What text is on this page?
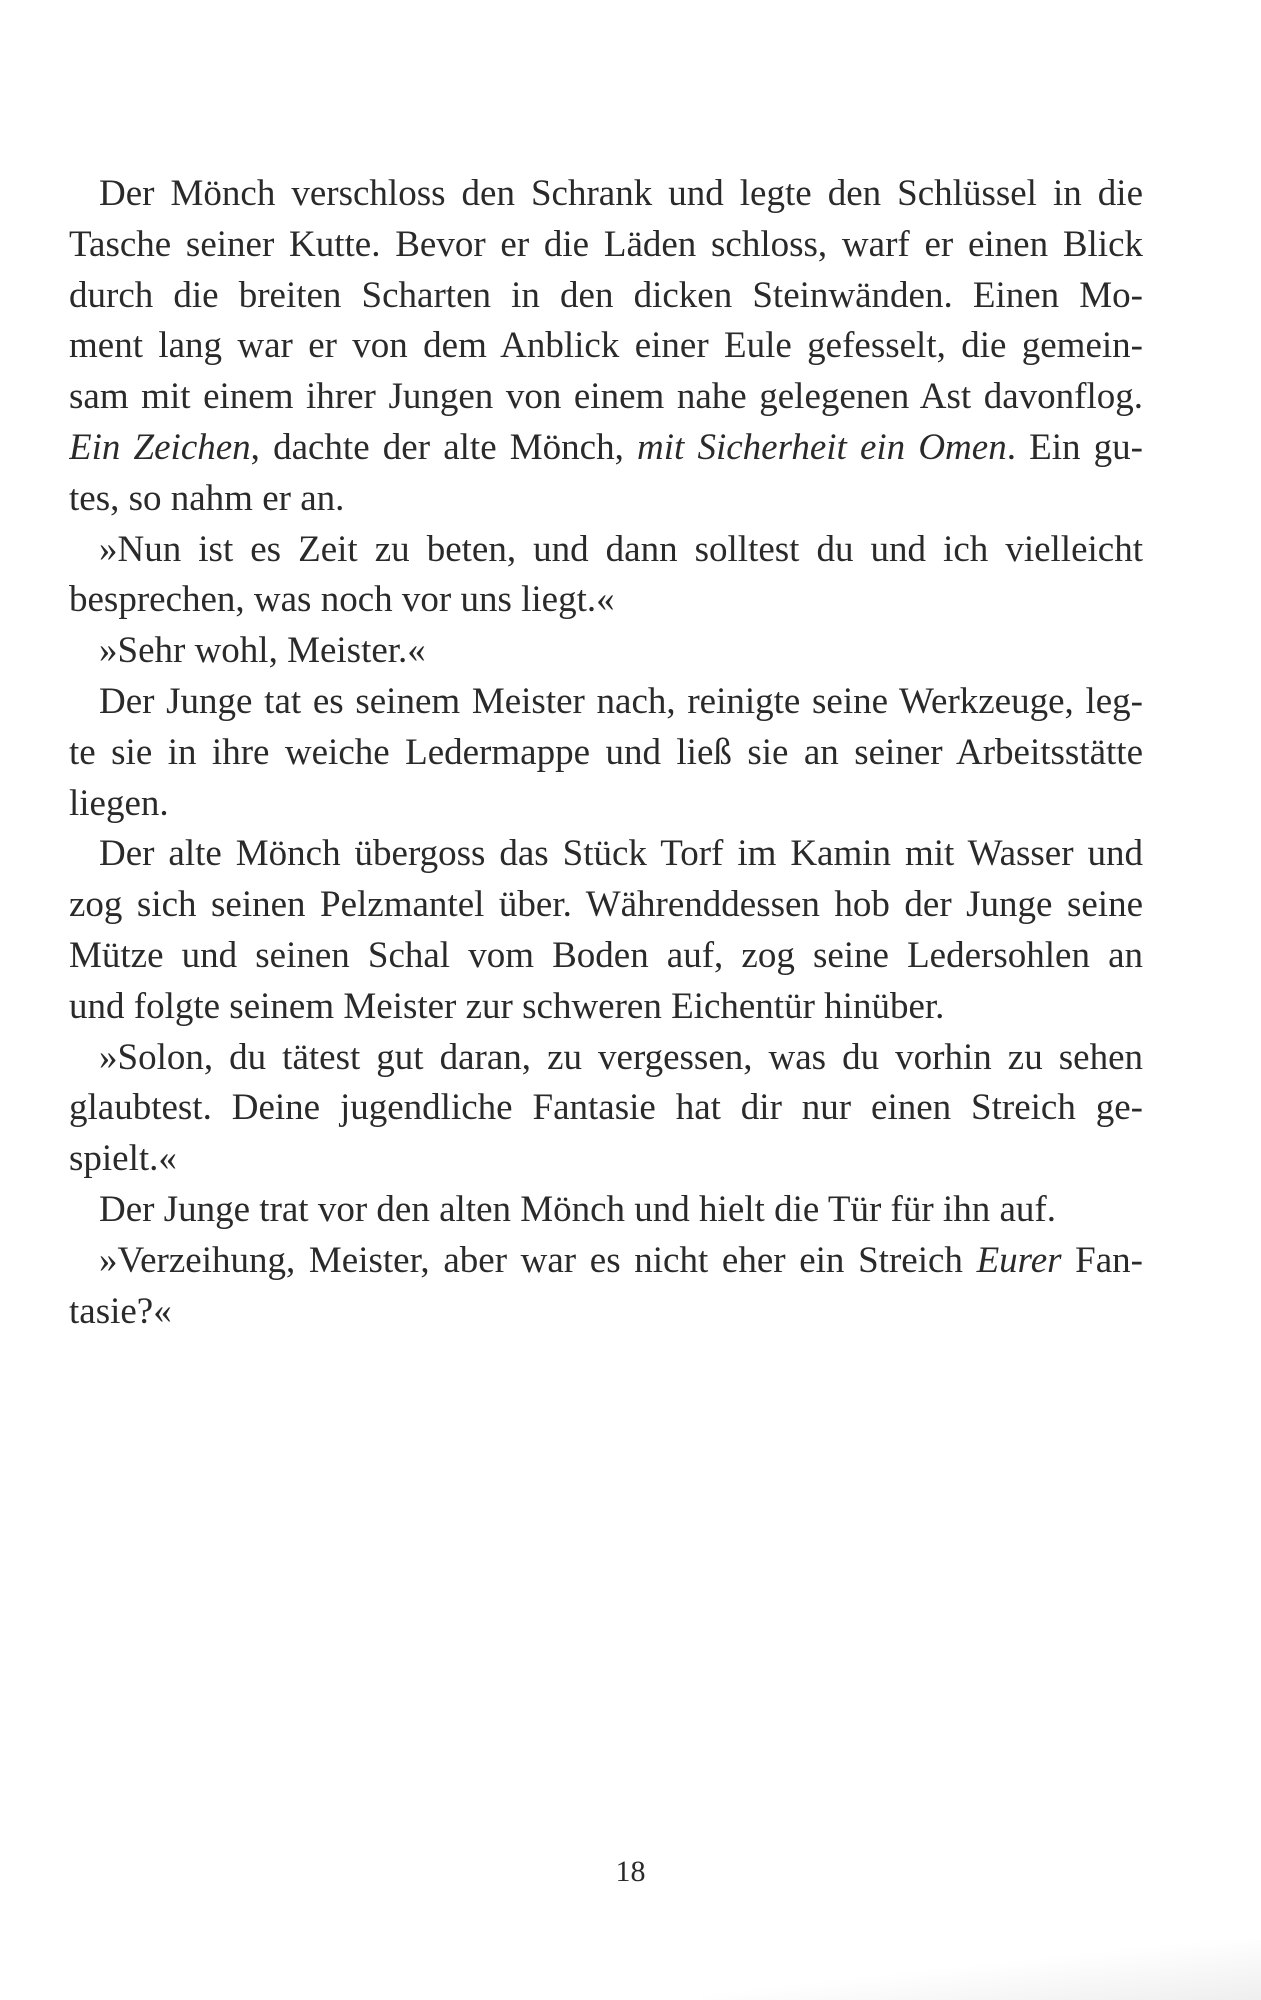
Der Mönch verschloss den Schrank und legte den Schlüssel in die
Tasche seiner Kutte. Bevor er die Läden schloss, warf er einen Blick
durch die breiten Scharten in den dicken Steinwänden. Einen Mo-
ment lang war er von dem Anblick einer Eule gefesselt, die gemein-
sam mit einem ihrer Jungen von einem nahe gelegenen Ast davonflog.
Ein Zeichen, dachte der alte Mönch, mit Sicherheit ein Omen. Ein gu-
tes, so nahm er an.
»Nun ist es Zeit zu beten, und dann solltest du und ich vielleicht
besprechen, was noch vor uns liegt.«
»Sehr wohl, Meister.«
Der Junge tat es seinem Meister nach, reinigte seine Werkzeuge, leg-
te sie in ihre weiche Ledermappe und ließ sie an seiner Arbeitsstätte
liegen.
Der alte Mönch übergoss das Stück Torf im Kamin mit Wasser und
zog sich seinen Pelzmantel über. Währenddessen hob der Junge seine
Mütze und seinen Schal vom Boden auf, zog seine Ledersohlen an
und folgte seinem Meister zur schweren Eichentür hinüber.
»Solon, du tätest gut daran, zu vergessen, was du vorhin zu sehen
glaubtest. Deine jugendliche Fantasie hat dir nur einen Streich ge-
spielt.«
Der Junge trat vor den alten Mönch und hielt die Tür für ihn auf.
»Verzeihung, Meister, aber war es nicht eher ein Streich Eurer Fan-
tasie?«
18
